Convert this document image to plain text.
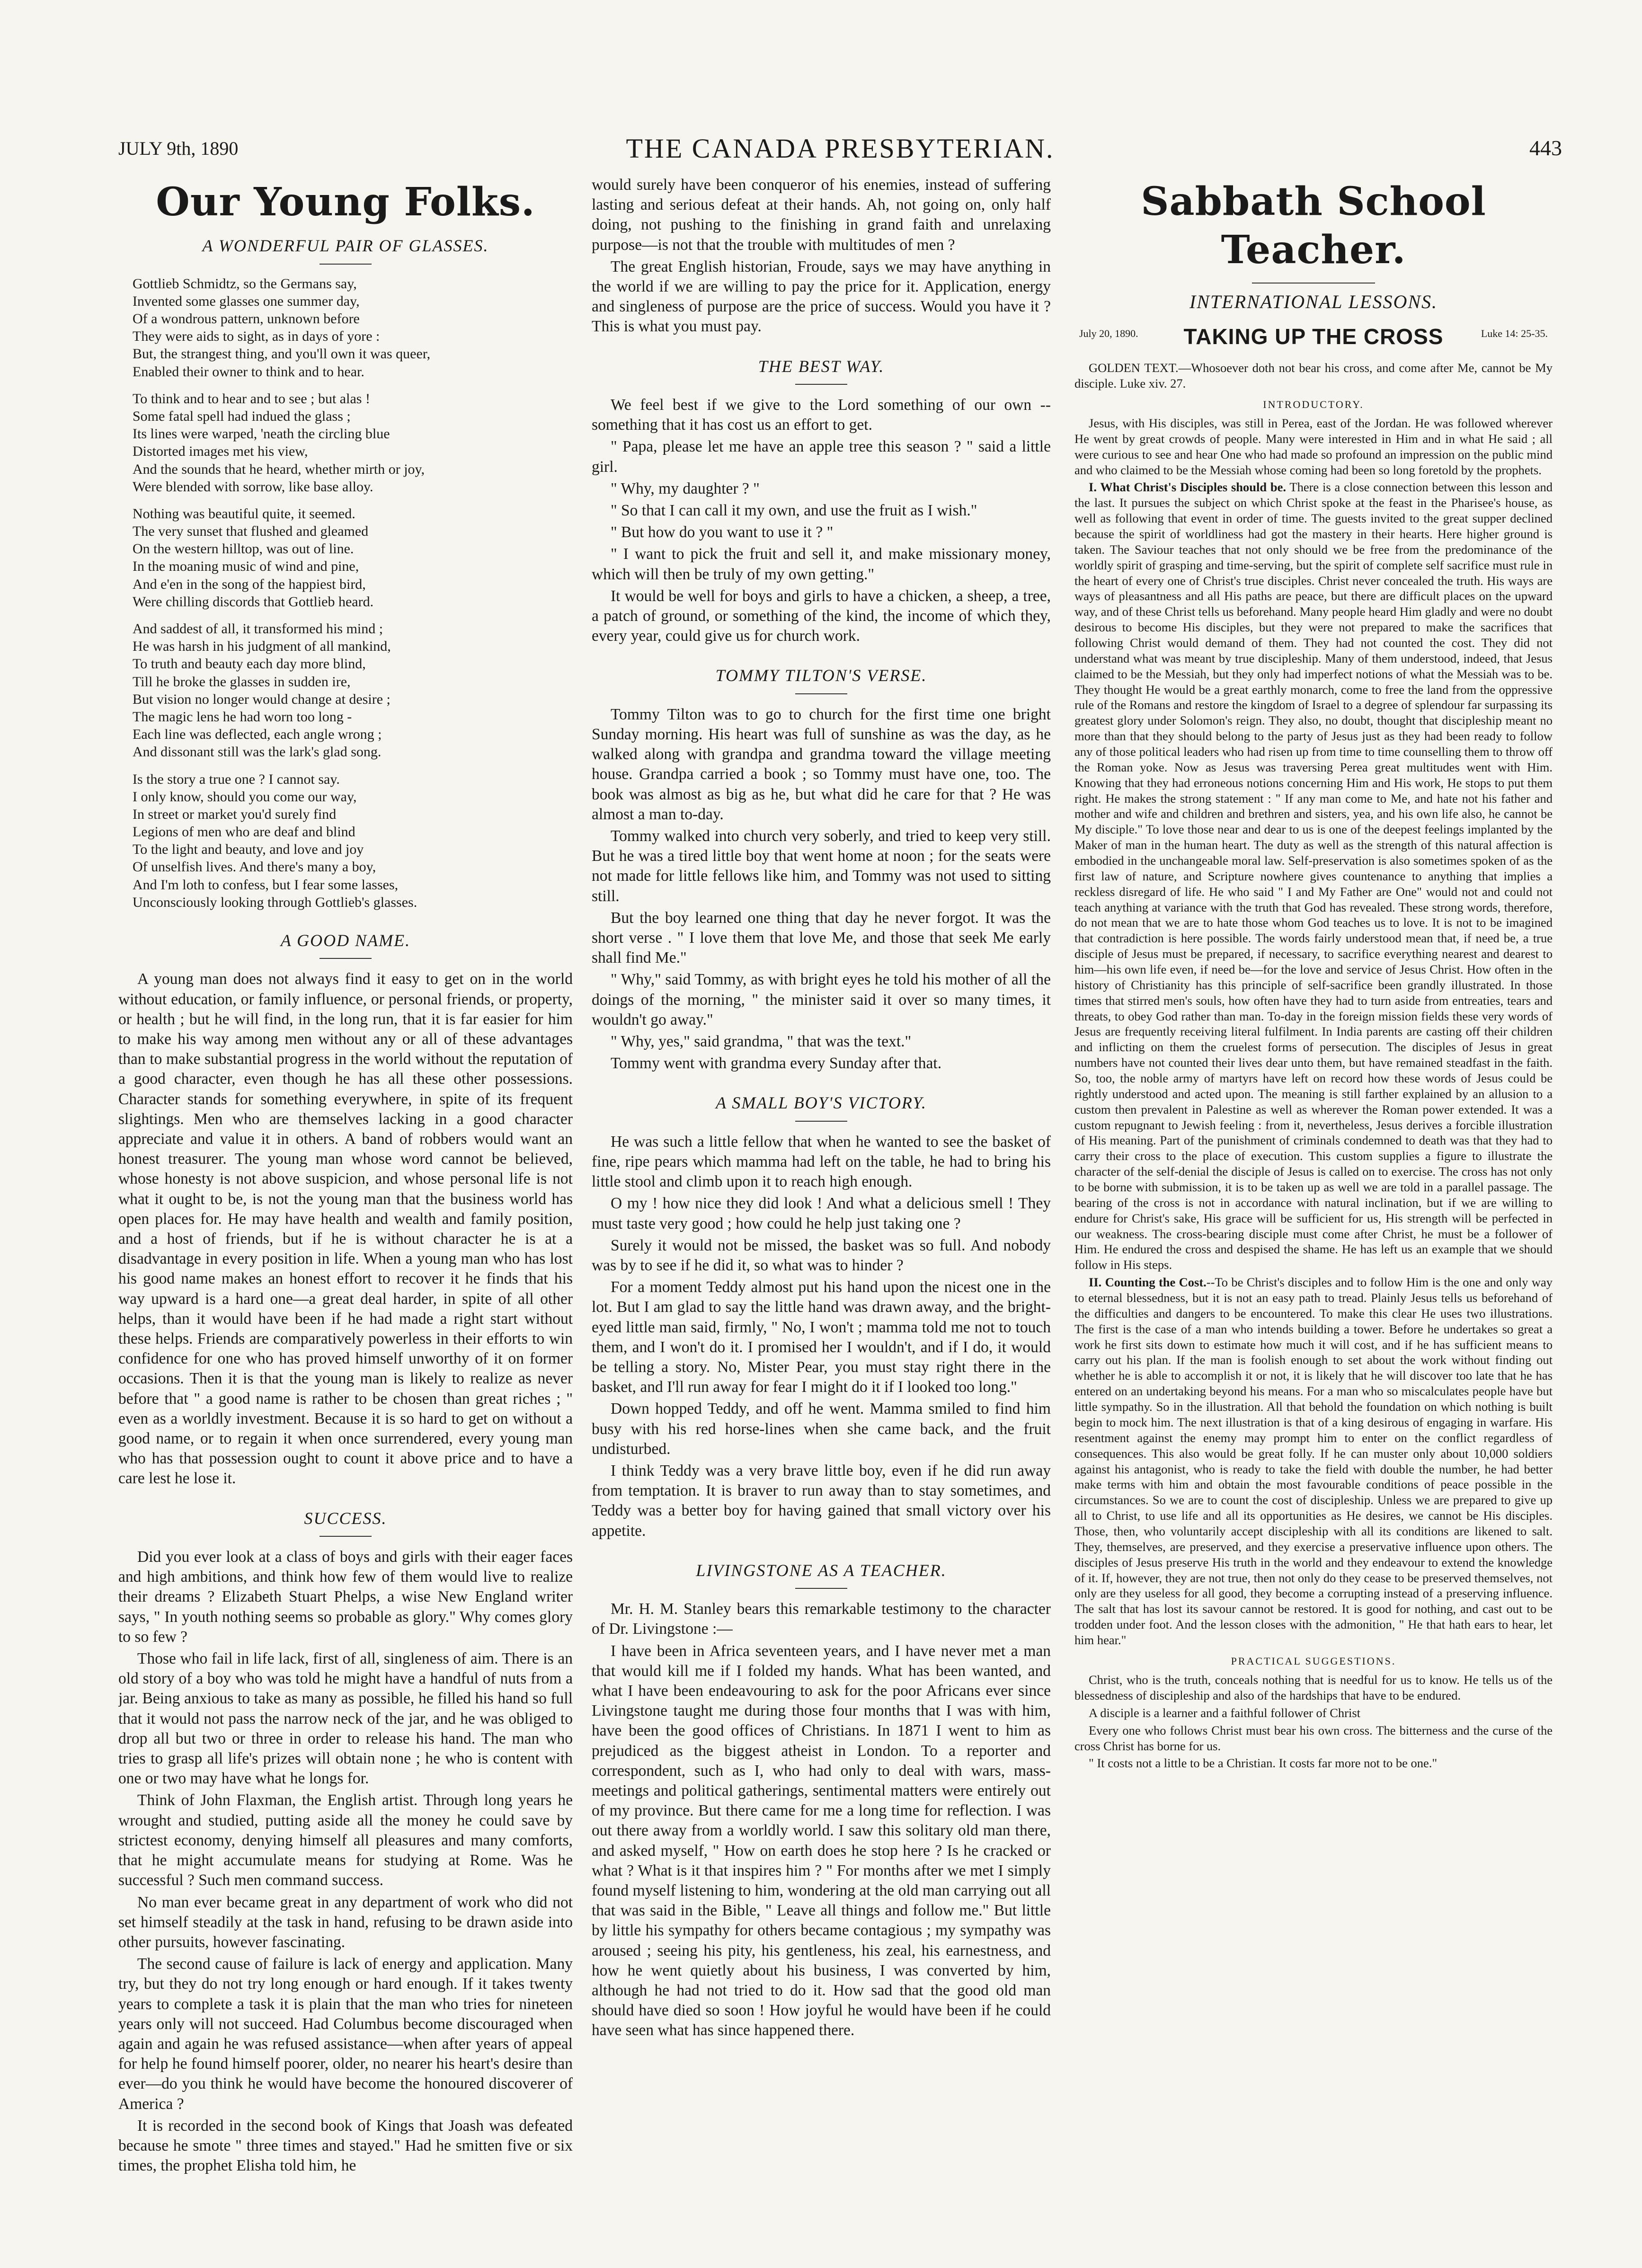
JULY 9th, 1890	THE CANADA PRESBYTERIAN.	443
Our Young Folks.
A WONDERFUL PAIR OF GLASSES.
Gottlieb Schmidtz, so the Germans say,
Invented some glasses one summer day,
Of a wondrous pattern, unknown before
They were aids to sight, as in days of yore :
But, the strangest thing, and you'll own it was queer,
Enabled their owner to think and to hear.
To think and to hear and to see ; but alas !
Some fatal spell had indued the glass ;
Its lines were warped, 'neath the circling blue
Distorted images met his view,
And the sounds that he heard, whether mirth or joy,
Were blended with sorrow, like base alloy.
Nothing was beautiful quite, it seemed.
The very sunset that flushed and gleamed
On the western hilltop, was out of line.
In the moaning music of wind and pine,
And e'en in the song of the happiest bird,
Were chilling discords that Gottlieb heard.
And saddest of all, it transformed his mind ;
He was harsh in his judgment of all mankind,
To truth and beauty each day more blind,
Till he broke the glasses in sudden ire,
But vision no longer would change at desire ;
The magic lens he had worn too long -
Each line was deflected, each angle wrong ;
And dissonant still was the lark's glad song.
Is the story a true one ? I cannot say.
I only know, should you come our way,
In street or market you'd surely find
Legions of men who are deaf and blind
To the light and beauty, and love and joy
Of unselfish lives. And there's many a boy,
And I'm loth to confess, but I fear some lasses,
Unconsciously looking through Gottlieb's glasses.
A GOOD NAME.

A young man does not always find it easy to get on in the world without education, or family influence, or personal friends, or property, or health ; but he will find, in the long run, that it is far easier for him to make his way among men without any or all of these advantages than to make substantial progress in the world without the reputation of a good character, even though he has all these other possessions. Character stands for something everywhere, in spite of its frequent slightings. Men who are themselves lacking in a good character appreciate and value it in others. A band of robbers would want an honest treasurer. The young man whose word cannot be believed, whose honesty is not above suspicion, and whose personal life is not what it ought to be, is not the young man that the business world has open places for. He may have health and wealth and family position, and a host of friends, but if he is without character he is at a disadvantage in every position in life. When a young man who has lost his good name makes an honest effort to recover it he finds that his way upward is a hard one—a great deal harder, in spite of all other helps, than it would have been if he had made a right start without these helps. Friends are comparatively powerless in their efforts to win confidence for one who has proved himself unworthy of it on former occasions. Then it is that the young man is likely to realize as never before that " a good name is rather to be chosen than great riches ; " even as a worldly investment. Because it is so hard to get on without a good name, or to regain it when once surrendered, every young man who has that possession ought to count it above price and to have a care lest he lose it.

SUCCESS.

Did you ever look at a class of boys and girls with their eager faces and high ambitions, and think how few of them would live to realize their dreams ? Elizabeth Stuart Phelps, a wise New England writer says, " In youth nothing seems so probable as glory." Why comes glory to so few ?

Those who fail in life lack, first of all, singleness of aim. There is an old story of a boy who was told he might have a handful of nuts from a jar. Being anxious to take as many as possible, he filled his hand so full that it would not pass the narrow neck of the jar, and he was obliged to drop all but two or three in order to release his hand. The man who tries to grasp all life's prizes will obtain none ; he who is content with one or two may have what he longs for.

Think of John Flaxman, the English artist. Through long years he wrought and studied, putting aside all the money he could save by strictest economy, denying himself all pleasures and many comforts, that he might accumulate means for studying at Rome. Was he successful ? Such men command success.

No man ever became great in any department of work who did not set himself steadily at the task in hand, refusing to be drawn aside into other pursuits, however fascinating.

The second cause of failure is lack of energy and application. Many try, but they do not try long enough or hard enough. If it takes twenty years to complete a task it is plain that the man who tries for nineteen years only will not succeed. Had Columbus become discouraged when again and again he was refused assistance—when after years of appeal for help he found himself poorer, older, no nearer his heart's desire than ever—do you think he would have become the honoured discoverer of America ?

It is recorded in the second book of Kings that Joash was defeated because he smote " three times and stayed." Had he smitten five or six times, the prophet Elisha told him, he

would surely have been conqueror of his enemies, instead of suffering lasting and serious defeat at their hands. Ah, not going on, only half doing, not pushing to the finishing in grand faith and unrelaxing purpose—is not that the trouble with multitudes of men ?

The great English historian, Froude, says we may have anything in the world if we are willing to pay the price for it. Application, energy and singleness of purpose are the price of success. Would you have it ? This is what you must pay.

THE BEST WAY.

We feel best if we give to the Lord something of our own --something that it has cost us an effort to get.

" Papa, please let me have an apple tree this season ? " said a little girl.

" Why, my daughter ? "

" So that I can call it my own, and use the fruit as I wish."

" But how do you want to use it ? "

" I want to pick the fruit and sell it, and make missionary money, which will then be truly of my own getting."

It would be well for boys and girls to have a chicken, a sheep, a tree, a patch of ground, or something of the kind, the income of which they, every year, could give us for church work.

TOMMY TILTON'S VERSE.

Tommy Tilton was to go to church for the first time one bright Sunday morning. His heart was full of sunshine as was the day, as he walked along with grandpa and grandma toward the village meeting house. Grandpa carried a book ; so Tommy must have one, too. The book was almost as big as he, but what did he care for that ? He was almost a man to-day.

Tommy walked into church very soberly, and tried to keep very still. But he was a tired little boy that went home at noon ; for the seats were not made for little fellows like him, and Tommy was not used to sitting still.

But the boy learned one thing that day he never forgot. It was the short verse . " I love them that love Me, and those that seek Me early shall find Me."

" Why," said Tommy, as with bright eyes he told his mother of all the doings of the morning, " the minister said it over so many times, it wouldn't go away."

" Why, yes," said grandma, " that was the text."

Tommy went with grandma every Sunday after that.

A SMALL BOY'S VICTORY.

He was such a little fellow that when he wanted to see the basket of fine, ripe pears which mamma had left on the table, he had to bring his little stool and climb upon it to reach high enough.

O my ! how nice they did look ! And what a delicious smell ! They must taste very good ; how could he help just taking one ?

Surely it would not be missed, the basket was so full. And nobody was by to see if he did it, so what was to hinder ?

For a moment Teddy almost put his hand upon the nicest one in the lot. But I am glad to say the little hand was drawn away, and the bright-eyed little man said, firmly, " No, I won't ; mamma told me not to touch them, and I won't do it. I promised her I wouldn't, and if I do, it would be telling a story. No, Mister Pear, you must stay right there in the basket, and I'll run away for fear I might do it if I looked too long."

Down hopped Teddy, and off he went. Mamma smiled to find him busy with his red horse-lines when she came back, and the fruit undisturbed.

I think Teddy was a very brave little boy, even if he did run away from temptation. It is braver to run away than to stay sometimes, and Teddy was a better boy for having gained that small victory over his appetite.

LIVINGSTONE AS A TEACHER.

Mr. H. M. Stanley bears this remarkable testimony to the character of Dr. Livingstone :—

I have been in Africa seventeen years, and I have never met a man that would kill me if I folded my hands. What has been wanted, and what I have been endeavouring to ask for the poor Africans ever since Livingstone taught me during those four months that I was with him, have been the good offices of Christians. In 1871 I went to him as prejudiced as the biggest atheist in London. To a reporter and correspondent, such as I, who had only to deal with wars, mass-meetings and political gatherings, sentimental matters were entirely out of my province. But there came for me a long time for reflection. I was out there away from a worldly world. I saw this solitary old man there, and asked myself, " How on earth does he stop here ? Is he cracked or what ? What is it that inspires him ? " For months after we met I simply found myself listening to him, wondering at the old man carrying out all that was said in the Bible, " Leave all things and follow me." But little by little his sympathy for others became contagious ; my sympathy was aroused ; seeing his pity, his gentleness, his zeal, his earnestness, and how he went quietly about his business, I was converted by him, although he had not tried to do it. How sad that the good old man should have died so soon ! How joyful he would have been if he could have seen what has since happened there.

Sabbath School Teacher.
INTERNATIONAL LESSONS.
July 20, 1890.	TAKING UP THE CROSS	Luke 14: 25-35.

GOLDEN TEXT.—Whosoever doth not bear his cross, and come after Me, cannot be My disciple. Luke xiv. 27.

INTRODUCTORY.

Jesus, with His disciples, was still in Perea, east of the Jordan. He was followed wherever He went by great crowds of people. Many were interested in Him and in what He said ; all were curious to see and hear One who had made so profound an impression on the public mind and who claimed to be the Messiah whose coming had been so long foretold by the prophets.

I. What Christ's Disciples should be. There is a close connection between this lesson and the last. It pursues the subject on which Christ spoke at the feast in the Pharisee's house, as well as following that event in order of time. The guests invited to the great supper declined because the spirit of worldliness had got the mastery in their hearts. Here higher ground is taken. The Saviour teaches that not only should we be free from the predominance of the worldly spirit of grasping and time-serving, but the spirit of complete self sacrifice must rule in the heart of every one of Christ's true disciples. Christ never concealed the truth. His ways are ways of pleasantness and all His paths are peace, but there are difficult places on the upward way, and of these Christ tells us beforehand. Many people heard Him gladly and were no doubt desirous to become His disciples, but they were not prepared to make the sacrifices that following Christ would demand of them. They had not counted the cost. They did not understand what was meant by true discipleship. Many of them understood, indeed, that Jesus claimed to be the Messiah, but they only had imperfect notions of what the Messiah was to be. They thought He would be a great earthly monarch, come to free the land from the oppressive rule of the Romans and restore the kingdom of Israel to a degree of splendour far surpassing its greatest glory under Solomon's reign. They also, no doubt, thought that discipleship meant no more than that they should belong to the party of Jesus just as they had been ready to follow any of those political leaders who had risen up from time to time counselling them to throw off the Roman yoke. Now as Jesus was traversing Perea great multitudes went with Him. Knowing that they had erroneous notions concerning Him and His work, He stops to put them right. He makes the strong statement : " If any man come to Me, and hate not his father and mother and wife and children and brethren and sisters, yea, and his own life also, he cannot be My disciple." To love those near and dear to us is one of the deepest feelings implanted by the Maker of man in the human heart. The duty as well as the strength of this natural affection is embodied in the unchangeable moral law. Self-preservation is also sometimes spoken of as the first law of nature, and Scripture nowhere gives countenance to anything that implies a reckless disregard of life. He who said " I and My Father are One" would not and could not teach anything at variance with the truth that God has revealed. These strong words, therefore, do not mean that we are to hate those whom God teaches us to love. It is not to be imagined that contradiction is here possible. The words fairly understood mean that, if need be, a true disciple of Jesus must be prepared, if necessary, to sacrifice everything nearest and dearest to him—his own life even, if need be—for the love and service of Jesus Christ. How often in the history of Christianity has this principle of self-sacrifice been grandly illustrated. In those times that stirred men's souls, how often have they had to turn aside from entreaties, tears and threats, to obey God rather than man. To-day in the foreign mission fields these very words of Jesus are frequently receiving literal fulfilment. In India parents are casting off their children and inflicting on them the cruelest forms of persecution. The disciples of Jesus in great numbers have not counted their lives dear unto them, but have remained steadfast in the faith. So, too, the noble army of martyrs have left on record how these words of Jesus could be rightly understood and acted upon. The meaning is still farther explained by an allusion to a custom then prevalent in Palestine as well as wherever the Roman power extended. It was a custom repugnant to Jewish feeling : from it, nevertheless, Jesus derives a forcible illustration of His meaning. Part of the punishment of criminals condemned to death was that they had to carry their cross to the place of execution. This custom supplies a figure to illustrate the character of the self-denial the disciple of Jesus is called on to exercise. The cross has not only to be borne with submission, it is to be taken up as well we are told in a parallel passage. The bearing of the cross is not in accordance with natural inclination, but if we are willing to endure for Christ's sake, His grace will be sufficient for us, His strength will be perfected in our weakness. The cross-bearing disciple must come after Christ, he must be a follower of Him. He endured the cross and despised the shame. He has left us an example that we should follow in His steps.

II. Counting the Cost.--To be Christ's disciples and to follow Him is the one and only way to eternal blessedness, but it is not an easy path to tread. Plainly Jesus tells us beforehand of the difficulties and dangers to be encountered. To make this clear He uses two illustrations. The first is the case of a man who intends building a tower. Before he undertakes so great a work he first sits down to estimate how much it will cost, and if he has sufficient means to carry out his plan. If the man is foolish enough to set about the work without finding out whether he is able to accomplish it or not, it is likely that he will discover too late that he has entered on an undertaking beyond his means. For a man who so miscalculates people have but little sympathy. So in the illustration. All that behold the foundation on which nothing is built begin to mock him. The next illustration is that of a king desirous of engaging in warfare. His resentment against the enemy may prompt him to enter on the conflict regardless of consequences. This also would be great folly. If he can muster only about 10,000 soldiers against his antagonist, who is ready to take the field with double the number, he had better make terms with him and obtain the most favourable conditions of peace possible in the circumstances. So we are to count the cost of discipleship. Unless we are prepared to give up all to Christ, to use life and all its opportunities as He desires, we cannot be His disciples. Those, then, who voluntarily accept discipleship with all its conditions are likened to salt. They, themselves, are preserved, and they exercise a preservative influence upon others. The disciples of Jesus preserve His truth in the world and they endeavour to extend the knowledge of it. If, however, they are not true, then not only do they cease to be preserved themselves, not only are they useless for all good, they become a corrupting instead of a preserving influence. The salt that has lost its savour cannot be restored. It is good for nothing, and cast out to be trodden under foot. And the lesson closes with the admonition, " He that hath ears to hear, let him hear."

PRACTICAL SUGGESTIONS.

Christ, who is the truth, conceals nothing that is needful for us to know. He tells us of the blessedness of discipleship and also of the hardships that have to be endured.

A disciple is a learner and a faithful follower of Christ

Every one who follows Christ must bear his own cross. The bitterness and the curse of the cross Christ has borne for us.

" It costs not a little to be a Christian. It costs far more not to be one."
